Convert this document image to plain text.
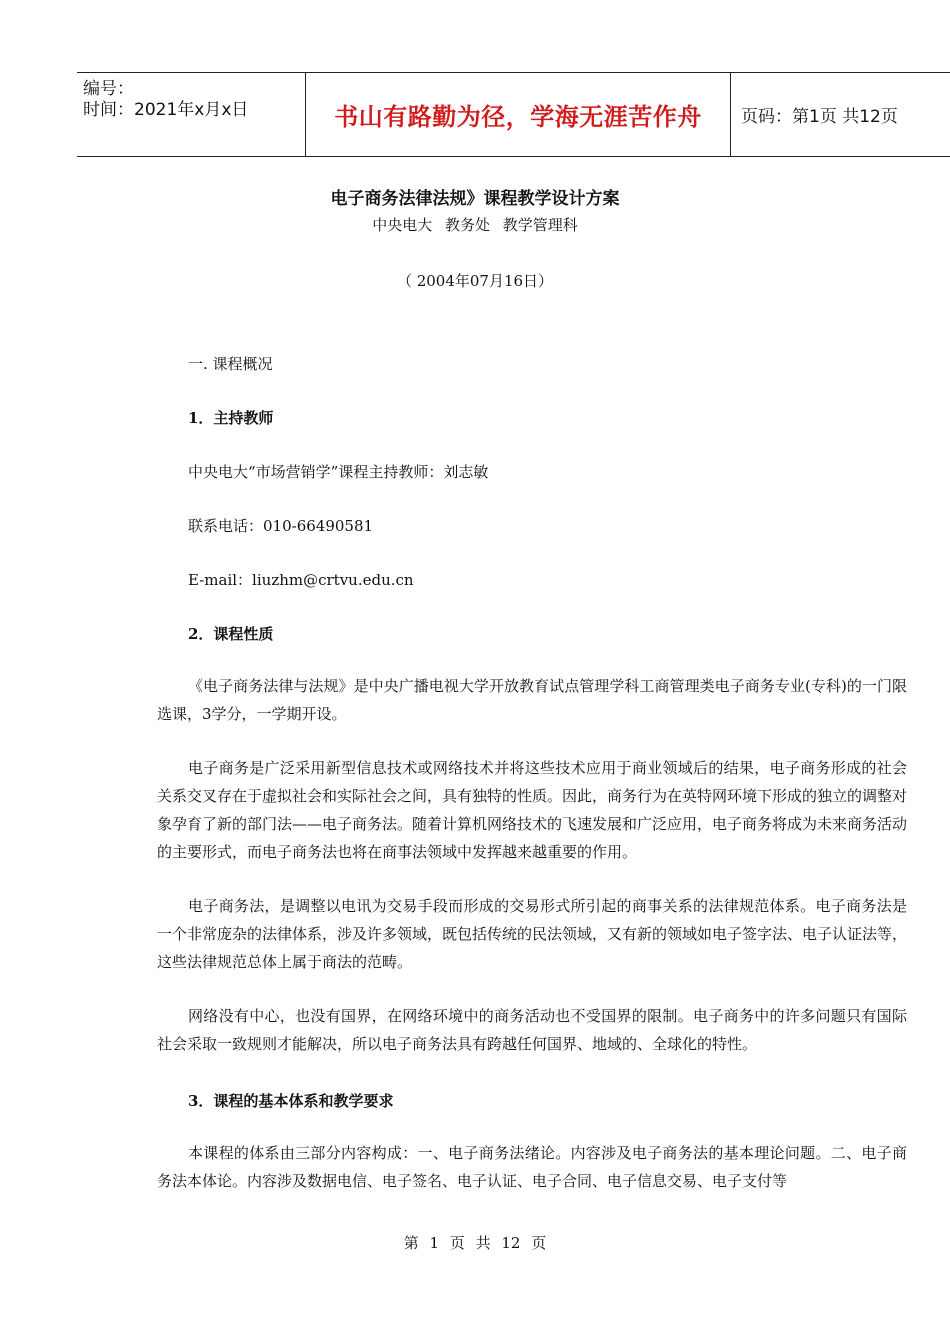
编号：
时间：2021年x月x日	书山有路勤为径，学海无涯苦作舟 页码：第1页 共12页
电子商务法律法规》课程教学设计方案
中央电大 教务处 教学管理科
（ 2004年07月16日）
一. 课程概况
1．主持教师
中央电大“市场营销学”课程主持教师：刘志敏
联系电话：010-66490581
E-mail：liuzhm@crtvu.edu.cn
2．课程性质
《电子商务法律与法规》是中央广播电视大学开放教育试点管理学科工商管理类电子商务专业(专科)的一门限选课，3学分，一学期开设。
电子商务是广泛采用新型信息技术或网络技术并将这些技术应用于商业领域后的结果，电子商务形成的社会关系交叉存在于虚拟社会和实际社会之间，具有独特的性质。因此，商务行为在英特网环境下形成的独立的调整对象孕育了新的部门法——电子商务法。随着计算机网络技术的飞速发展和广泛应用，电子商务将成为未来商务活动的主要形式，而电子商务法也将在商事法领域中发挥越来越重要的作用。
电子商务法，是调整以电讯为交易手段而形成的交易形式所引起的商事关系的法律规范体系。电子商务法是一个非常庞杂的法律体系，涉及许多领域，既包括传统的民法领域，又有新的领域如电子签字法、电子认证法等，这些法律规范总体上属于商法的范畴。
网络没有中心，也没有国界，在网络环境中的商务活动也不受国界的限制。电子商务中的许多问题只有国际社会采取一致规则才能解决，所以电子商务法具有跨越任何国界、地域的、全球化的特性。
3．课程的基本体系和教学要求
本课程的体系由三部分内容构成：一、电子商务法绪论。内容涉及电子商务法的基本理论问题。二、电子商务法本体论。内容涉及数据电信、电子签名、电子认证、电子合同、电子信息交易、电子支付等
第 1 页 共 12 页
